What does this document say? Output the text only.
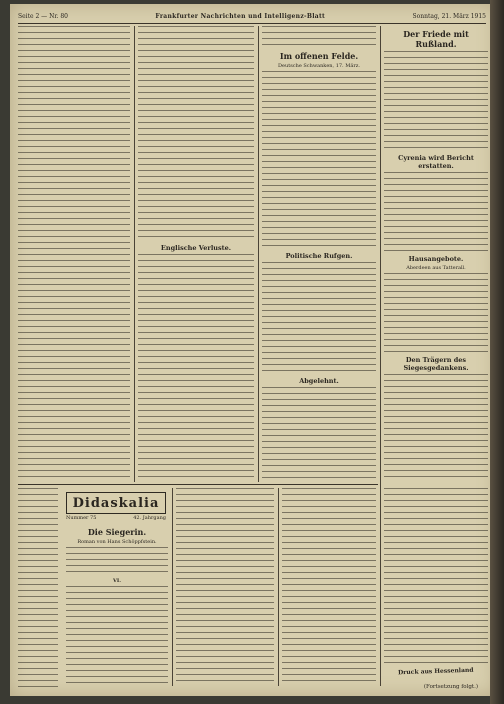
Seite 2 — Nr. 80	Frankfurter Nachrichten und Intelligenz-Blatt	Sonntag, 21. März 1915
Englische Verluste.
Im offenen Felde.
Deutsche Schwanken, 17. März.
Politische Rufgen.
Abgelehnt.
Der Friede mit Rußland.
Cyrenia wird Bericht erstatten.
Hausangebote.
Aberdeen aus Tatterall.
Den Trägern des Siegesgedankens.
Didaskalia
Nummer 75	42. Jahrgang
Die Siegerin.
Roman von Hans Schöppfstein.
VI.
Druck aus Hessenland
(Fortsetzung folgt.)
